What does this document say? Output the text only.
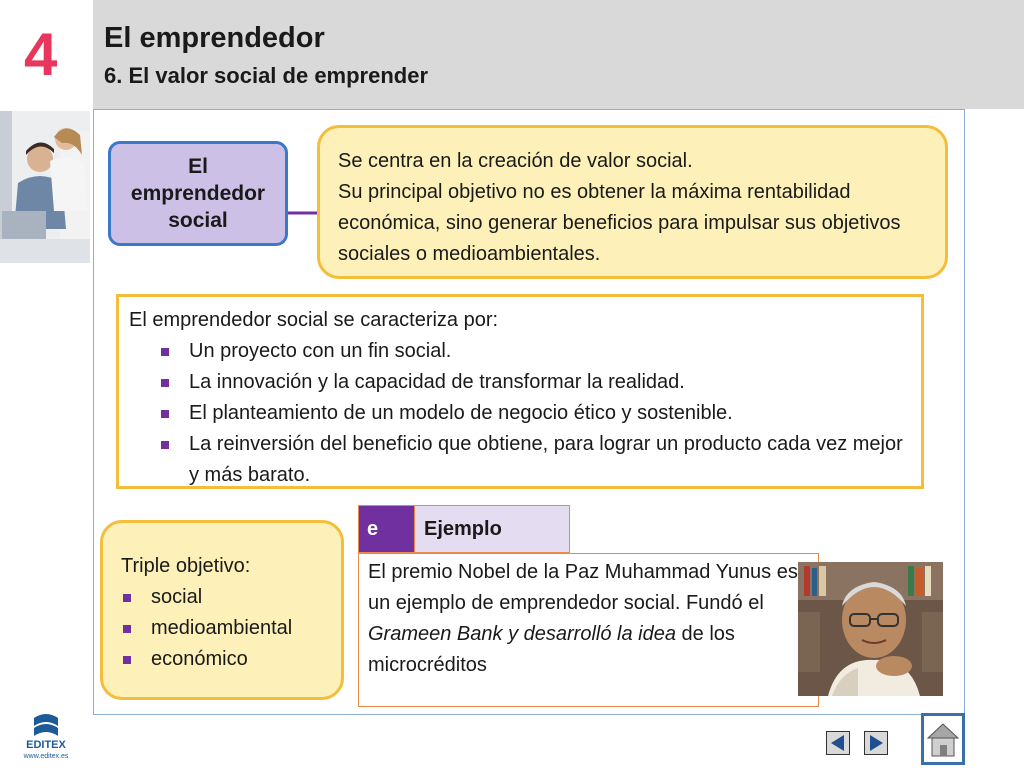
4 El emprendedor
6. El valor social de emprender
El emprendedor social
Se centra en la creación de valor social.
Su principal objetivo no es obtener la máxima rentabilidad económica, sino generar beneficios para impulsar sus objetivos sociales o medioambientales.
El emprendedor social se caracteriza por:
Un proyecto con un fin social.
La innovación y la capacidad de transformar la realidad.
El planteamiento de un modelo de negocio ético y sostenible.
La reinversión del beneficio que obtiene, para lograr un producto cada vez mejor y más barato.
Triple objetivo:
social
medioambiental
económico
e	Ejemplo
El premio Nobel de la Paz Muhammad Yunus es un ejemplo de emprendedor social. Fundó el Grameen Bank y desarrolló la idea de los microcréditos
EDITEX
www.editex.es
